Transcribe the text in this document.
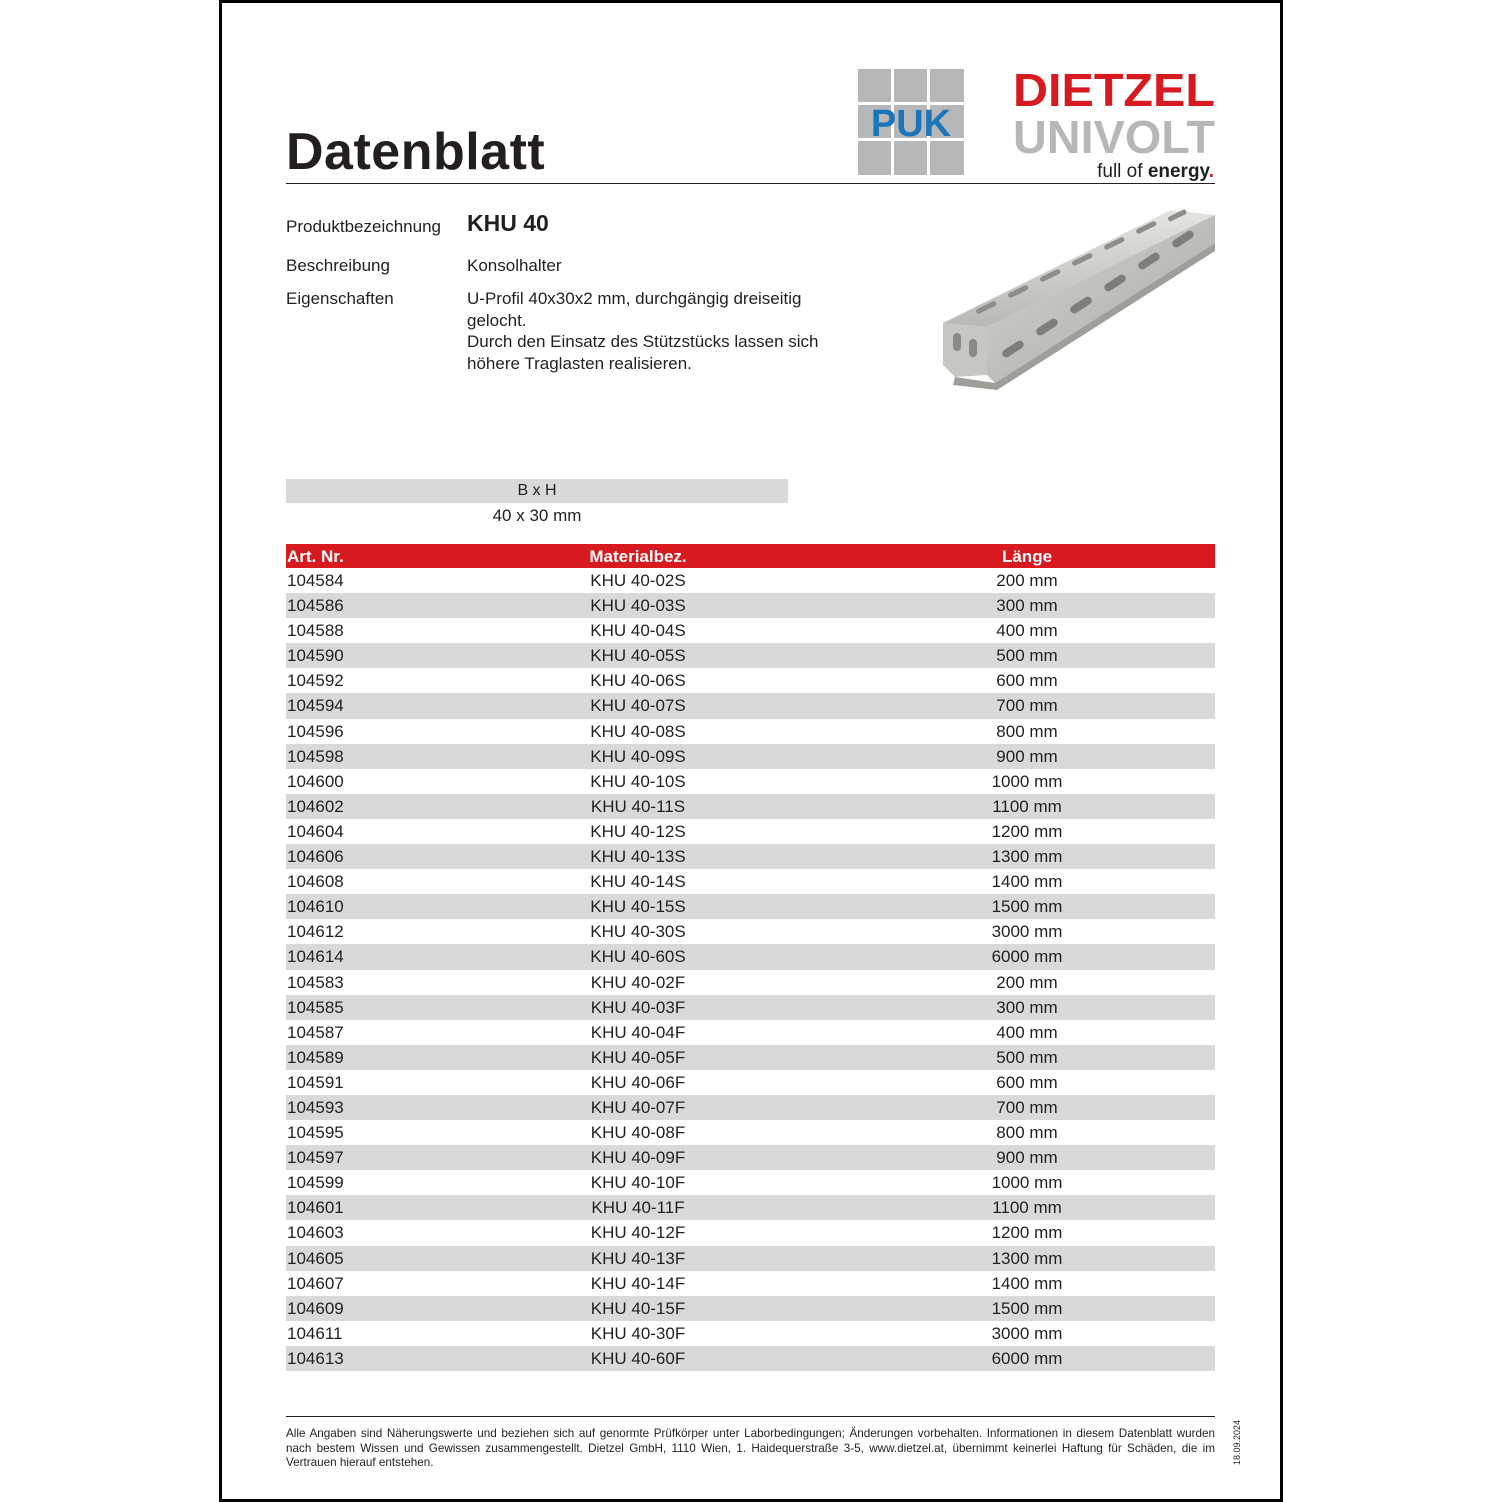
Datenblatt	PUK
DIETZEL
UNIVOLT
full of energy.
Produktbezeichnung KHU 40
Beschreibung	Konsolhalter
Eigenschaften	U-Profil 40x30x2 mm, durchgängig dreiseitig
gelocht.
Durch den Einsatz des Stützstücks lassen sich
höhere Traglasten realisieren.
B x H
40 x 30 mm
Art. Nr.	Materialbez.	Länge
104584	KHU 40-02S	200 mm
104586	KHU 40-03S	300 mm
104588	KHU 40-04S	400 mm
104590	KHU 40-05S	500 mm
104592	KHU 40-06S	600 mm
104594	KHU 40-07S	700 mm
104596	KHU 40-08S	800 mm
104598	KHU 40-09S	900 mm
104600	KHU 40-10S	1000 mm
104602	KHU 40-11S	1100 mm
104604	KHU 40-12S	1200 mm
104606	KHU 40-13S	1300 mm
104608	KHU 40-14S	1400 mm
104610	KHU 40-15S	1500 mm
104612	KHU 40-30S	3000 mm
104614	KHU 40-60S	6000 mm
104583	KHU 40-02F	200 mm
104585	KHU 40-03F	300 mm
104587	KHU 40-04F	400 mm
104589	KHU 40-05F	500 mm
104591	KHU 40-06F	600 mm
104593	KHU 40-07F	700 mm
104595	KHU 40-08F	800 mm
104597	KHU 40-09F	900 mm
104599	KHU 40-10F	1000 mm
104601	KHU 40-11F	1100 mm
104603	KHU 40-12F	1200 mm
104605	KHU 40-13F	1300 mm
104607	KHU 40-14F	1400 mm
104609	KHU 40-15F	1500 mm
104611	KHU 40-30F	3000 mm
104613	KHU 40-60F	6000 mm
Alle Angaben sind Näherungswerte und beziehen sich auf genormte Prüfkörper unter Laborbedingungen; Änderungen vorbehalten. Informationen in diesem Datenblatt wurden nach bestem Wissen und Gewissen zusammengestellt. Dietzel GmbH, 1110 Wien, 1. Haidequerstraße 3-5, www.dietzel.at, übernimmt keinerlei Haftung für Schäden, die im Vertrauen hierauf entstehen.	18.09.2024
